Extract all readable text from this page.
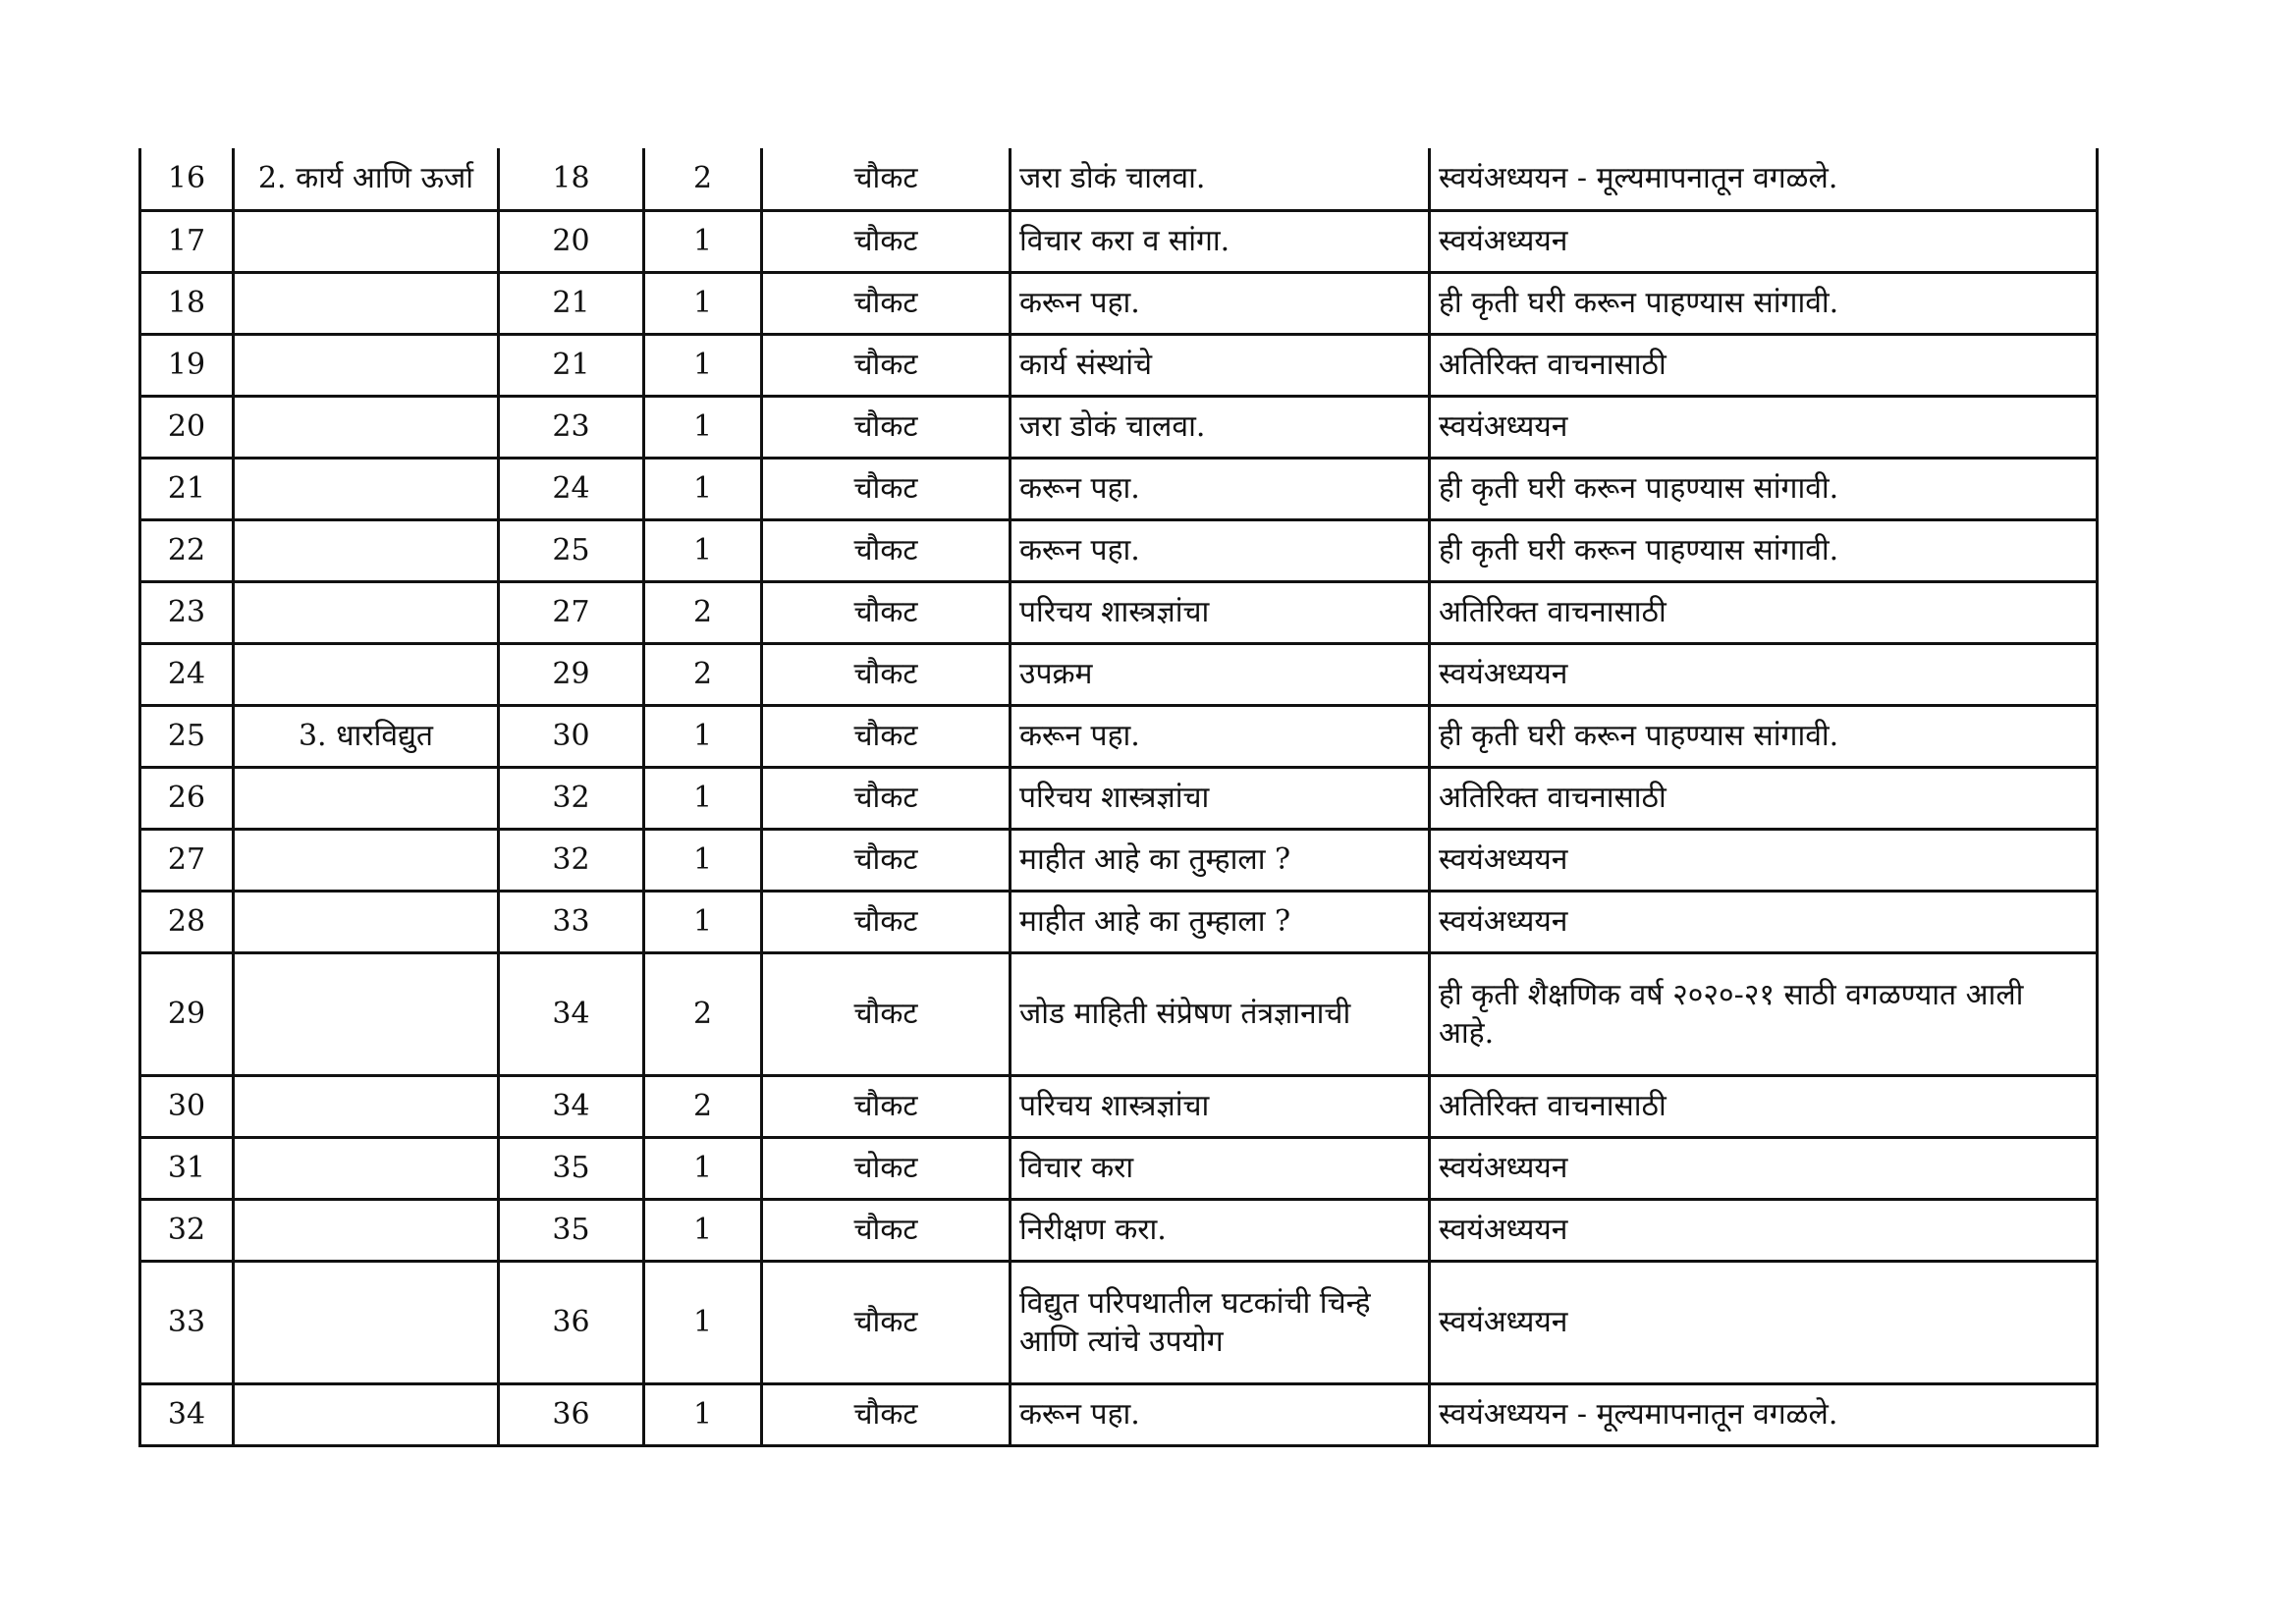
16	2. कार्य आणि ऊर्जा	18	2	चौकट	जरा डोकं चालवा.	स्वयंअध्ययन - मूल्यमापनातून वगळले.
17		20	1	चौकट	विचार करा व सांगा.	स्वयंअध्ययन
18		21	1	चौकट	करून पहा.	ही कृती घरी करून पाहण्यास सांगावी.
19		21	1	चौकट	कार्य संस्थांचे	अतिरिक्त वाचनासाठी
20		23	1	चौकट	जरा डोकं चालवा.	स्वयंअध्ययन
21		24	1	चौकट	करून पहा.	ही कृती घरी करून पाहण्यास सांगावी.
22		25	1	चौकट	करून पहा.	ही कृती घरी करून पाहण्यास सांगावी.
23		27	2	चौकट	परिचय शास्त्रज्ञांचा	अतिरिक्त वाचनासाठी
24		29	2	चौकट	उपक्रम	स्वयंअध्ययन
25	3. धारविद्युत	30	1	चौकट	करून पहा.	ही कृती घरी करून पाहण्यास सांगावी.
26		32	1	चौकट	परिचय शास्त्रज्ञांचा	अतिरिक्त वाचनासाठी
27		32	1	चौकट	माहीत आहे का तुम्हाला ?	स्वयंअध्ययन
28		33	1	चौकट	माहीत आहे का तुम्हाला ?	स्वयंअध्ययन
29		34	2	चौकट	जोड माहिती संप्रेषण तंत्रज्ञानाची	ही कृती शैक्षणिक वर्ष २०२०-२१ साठी वगळण्यात आली आहे.
30		34	2	चौकट	परिचय शास्त्रज्ञांचा	अतिरिक्त वाचनासाठी
31		35	1	चोकट	विचार करा	स्वयंअध्ययन
32		35	1	चौकट	निरीक्षण करा.	स्वयंअध्ययन
33		36	1	चौकट	विद्युत परिपथातील घटकांची चिन्हे आणि त्यांचे उपयोग	स्वयंअध्ययन
34		36	1	चौकट	करून पहा.	स्वयंअध्ययन - मूल्यमापनातून वगळले.
